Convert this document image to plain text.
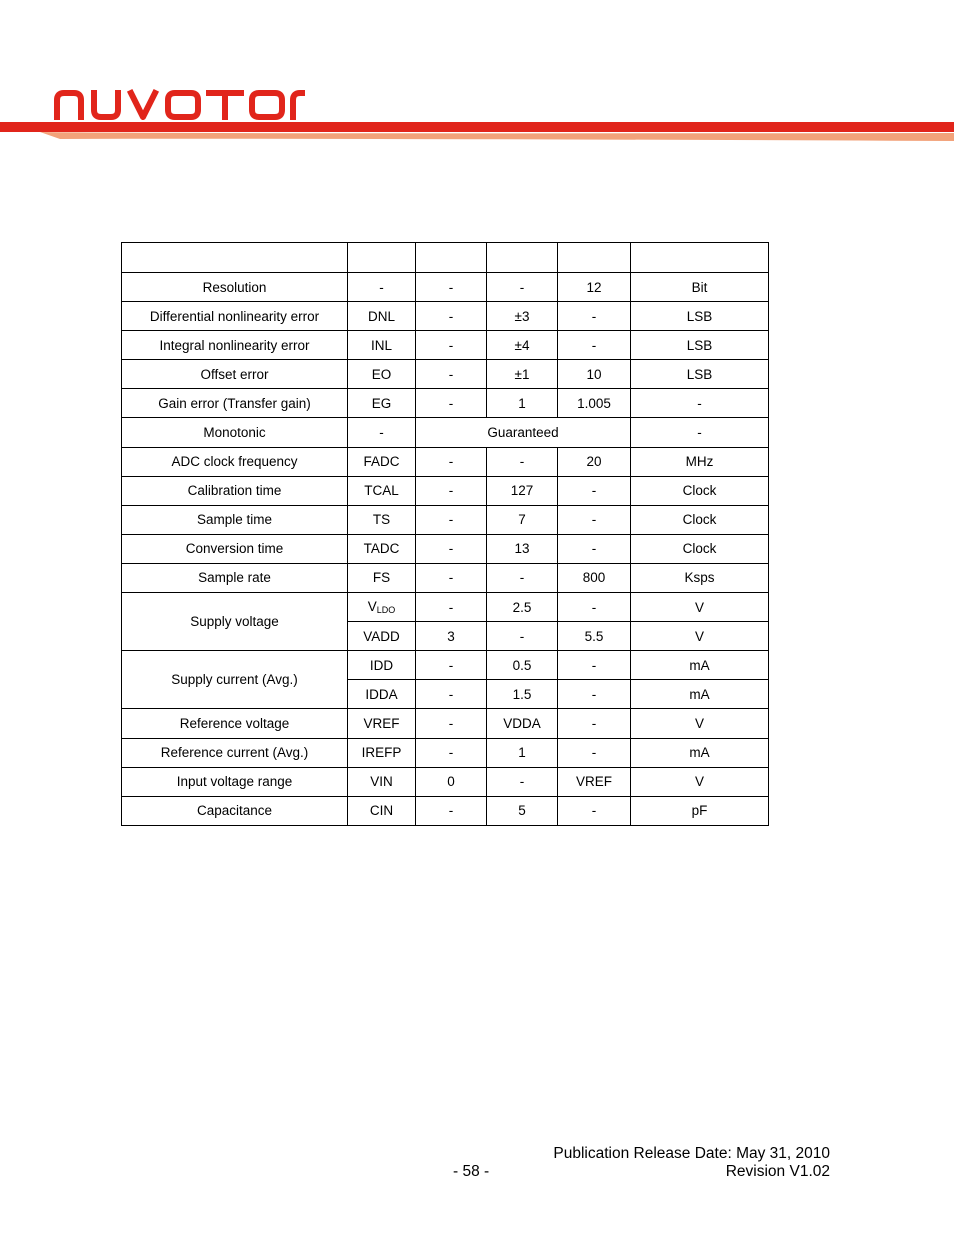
Resolution	-	-	-	12	Bit
Differential nonlinearity error	DNL	-	±3	-	LSB
Integral nonlinearity error	INL	-	±4	-	LSB
Offset error	EO	-	±1	10	LSB
Gain error (Transfer gain)	EG	-	1	1.005	-
Monotonic	-	Guaranteed			-
ADC clock frequency	FADC	-	-	20	MHz
Calibration time	TCAL	-	127	-	Clock
Sample time	TS	-	7	-	Clock
Conversion time	TADC	-	13	-	Clock
Sample rate	FS	-	-	800	Ksps
Supply voltage	$V_{LDO}$	-	2.5	-	V
	VADD	3	-	5.5	V
Supply current (Avg.)	IDD	-	0.5	-	mA
	IDDA	-	1.5	-	mA
Reference voltage	VREF	-	VDDA	-	V
Reference current (Avg.)	IREFP	-	1	-	mA
Input voltage range	VIN	0	-	VREF	V
Capacitance	CIN	-	5	-	pF
Publication Release Date: May 31, 2010
- 58 -	Revision V1.02
